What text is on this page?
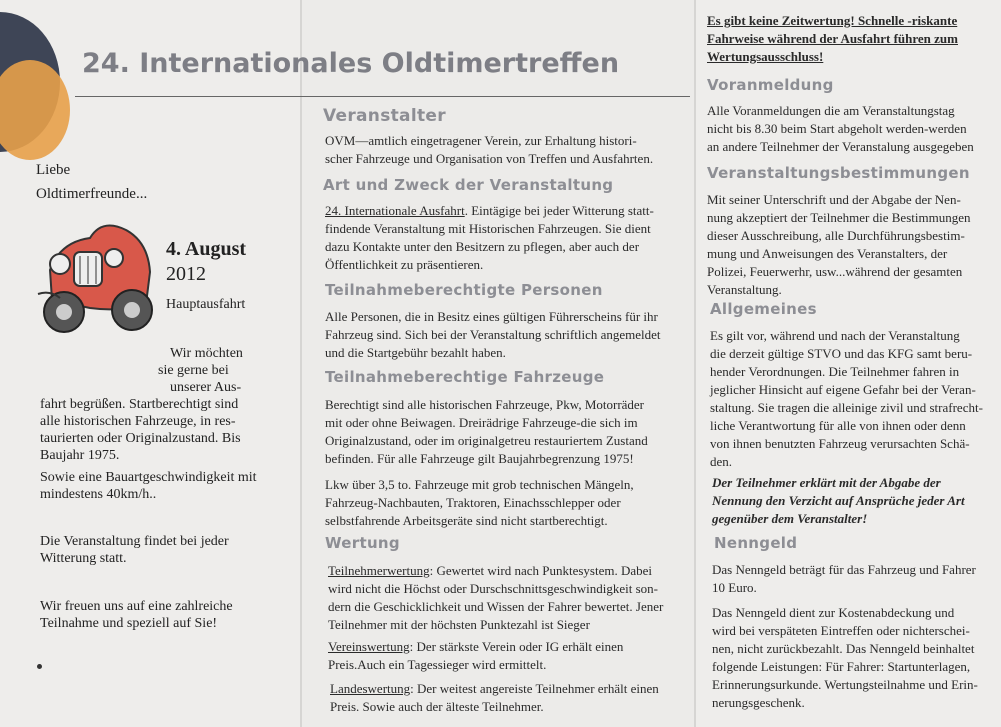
24. Internationales Oldtimertreffen

Liebe

Oldtimerfreunde...

4. August

2012

Hauptausfahrt

Wir möchten

sie gerne bei

unserer Aus-

fahrt begrüßen. Startberechtigt sind

alle historischen Fahrzeuge, in res-

taurierten oder Originalzustand. Bis

Baujahr 1975.

Sowie eine Bauartgeschwindigkeit mit

mindestens 40km/h..

Die Veranstaltung findet bei jeder

Witterung statt.

Wir freuen uns auf eine zahlreiche

Teilnahme und speziell auf Sie!

Veranstalter

OVM—amtlich eingetragener Verein, zur Erhaltung histori-

scher Fahrzeuge und Organisation von Treffen und Ausfahrten.

Art und Zweck der Veranstaltung

24. Internationale Ausfahrt. Eintägige bei jeder Witterung statt-

findende Veranstaltung mit Historischen Fahrzeugen. Sie dient

dazu Kontakte unter den Besitzern zu pflegen, aber auch der

Öffentlichkeit zu präsentieren.

Teilnahmeberechtigte Personen

Alle Personen, die in Besitz eines gültigen Führerscheins für ihr

Fahrzeug sind. Sich bei der Veranstaltung schriftlich angemeldet

und die Startgebühr bezahlt haben.

Teilnahmeberechtige Fahrzeuge

Berechtigt sind alle historischen Fahrzeuge, Pkw, Motorräder

mit oder ohne Beiwagen. Dreirädrige Fahrzeuge-die sich im

Originalzustand, oder im originalgetreu restauriertem Zustand

befinden. Für alle Fahrzeuge gilt Baujahrbegrenzung 1975!

Lkw über 3,5 to. Fahrzeuge mit grob technischen Mängeln,

Fahrzeug-Nachbauten, Traktoren, Einachsschlepper oder

selbstfahrende Arbeitsgeräte sind nicht startberechtigt.

Wertung

Teilnehmerwertung: Gewertet wird nach Punktesystem. Dabei

wird nicht die Höchst oder Durschschnittsgeschwindigkeit son-

dern die Geschicklichkeit und Wissen der Fahrer bewertet. Jener

Teilnehmer mit der höchsten Punktezahl ist Sieger

Vereinswertung: Der stärkste Verein oder IG erhält einen

Preis.Auch ein Tagessieger wird ermittelt.

Landeswertung: Der weitest angereiste Teilnehmer erhält einen

Preis. Sowie auch der älteste Teilnehmer.

Es gibt keine Zeitwertung! Schnelle -riskante

Fahrweise während der Ausfahrt führen zum

Wertungsausschluss!

Voranmeldung

Alle Voranmeldungen die am Veranstaltungstag

nicht bis 8.30 beim Start abgeholt werden-werden

an andere Teilnehmer der Veranstalung ausgegeben

Veranstaltungsbestimmungen

Mit seiner Unterschrift und der Abgabe der Nen-

nung akzeptiert der Teilnehmer die Bestimmungen

dieser Ausschreibung, alle Durchführungsbestim-

mung und Anweisungen des Veranstalters, der

Polizei, Feuerwerhr, usw...während der gesamten

Veranstaltung.

Allgemeines

Es gilt vor, während und nach der Veranstaltung

die derzeit gültige STVO und das KFG samt beru-

hender Verordnungen. Die Teilnehmer fahren in

jeglicher Hinsicht auf eigene Gefahr bei der Veran-

staltung. Sie tragen die alleinige zivil und strafrecht-

liche Verantwortung für alle von ihnen oder denn

von ihnen benutzten Fahrzeug verursachten Schä-

den.

Der Teilnehmer erklärt mit der Abgabe der

Nennung den Verzicht auf Ansprüche jeder Art

gegenüber dem Veranstalter!

Nenngeld

Das Nenngeld beträgt für das Fahrzeug und Fahrer

10 Euro.

Das Nenngeld dient zur Kostenabdeckung und

wird bei verspäteten Eintreffen oder nichterschei-

nen, nicht zurückbezahlt. Das Nenngeld beinhaltet

folgende Leistungen: Für Fahrer: Startunterlagen,

Erinnerungsurkunde. Wertungsteilnahme und Erin-

nerungsgeschenk.
